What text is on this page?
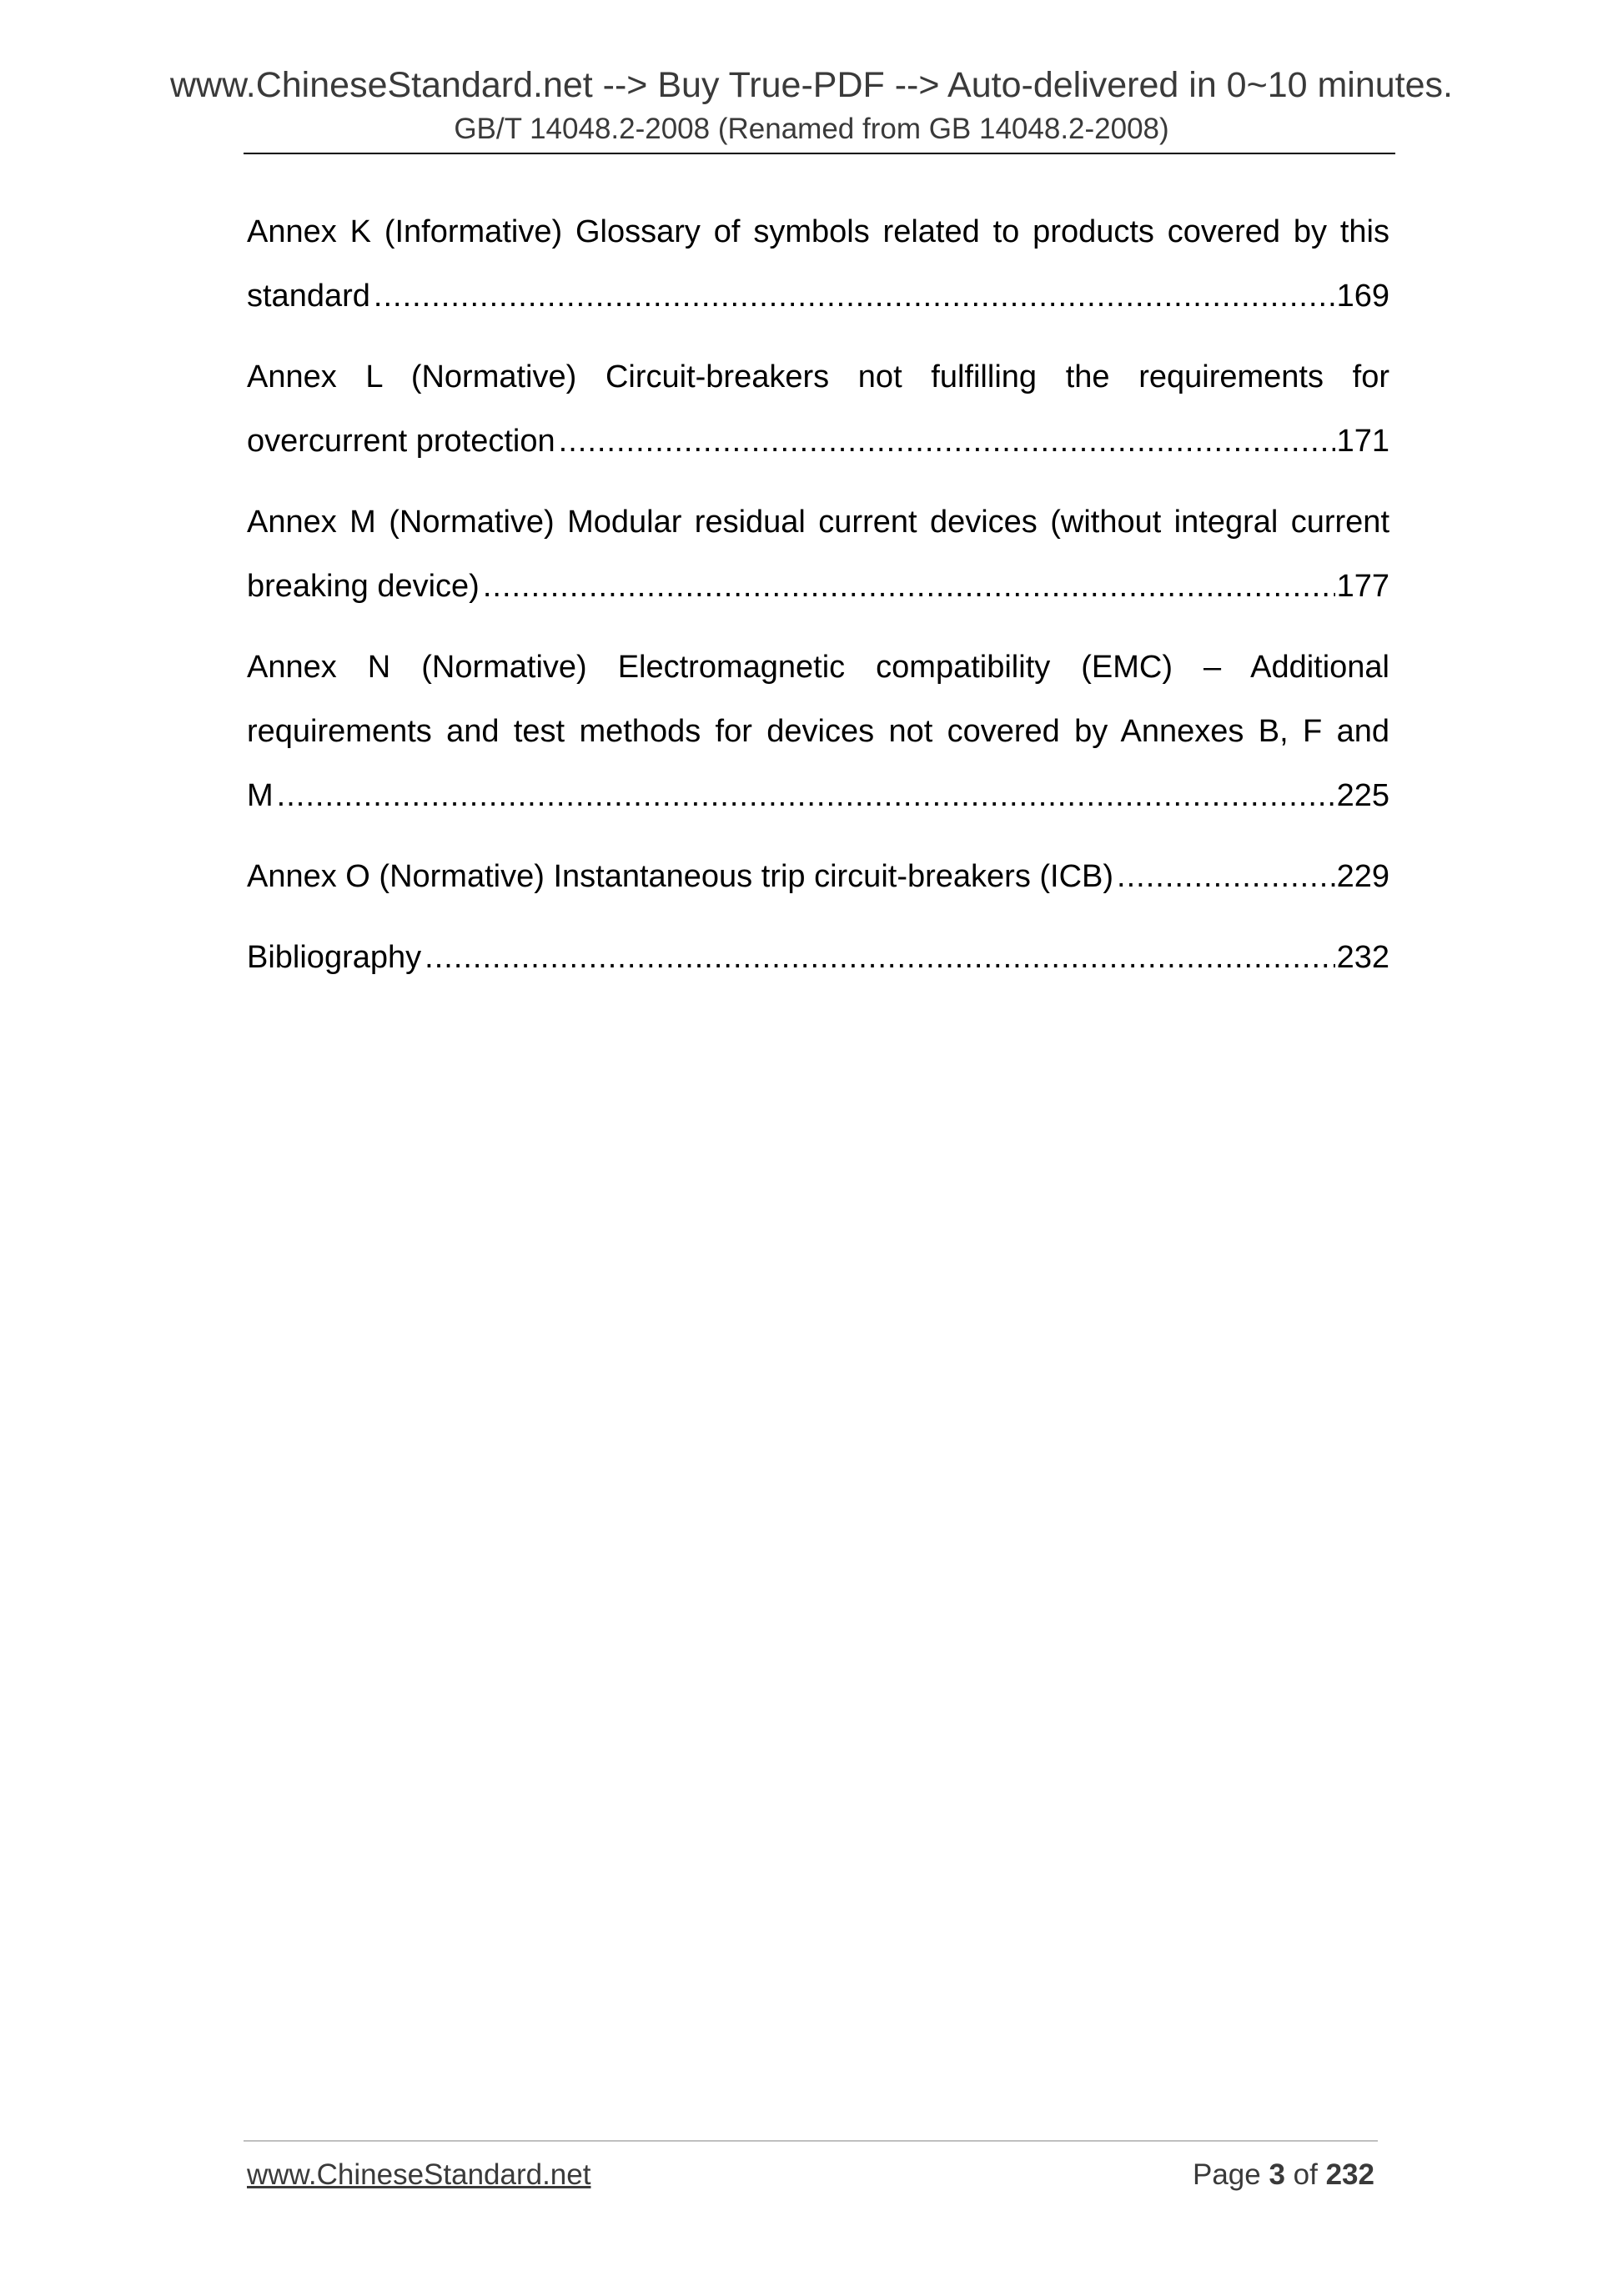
www.ChineseStandard.net --> Buy True-PDF --> Auto-delivered in 0~10 minutes.
GB/T 14048.2-2008 (Renamed from GB 14048.2-2008)
Annex K (Informative) Glossary of symbols related to products covered by this
standard .....	169
Annex L (Normative) Circuit-breakers not fulfilling the requirements for
overcurrent protection .....	171
Annex M (Normative) Modular residual current devices (without integral current
breaking device) .....	177
Annex N (Normative) Electromagnetic compatibility (EMC) – Additional
requirements and test methods for devices not covered by Annexes B, F and
M .....	225
Annex O (Normative) Instantaneous trip circuit-breakers (ICB) .....	229
Bibliography .....	232
www.ChineseStandard.net	Page 3 of 232
